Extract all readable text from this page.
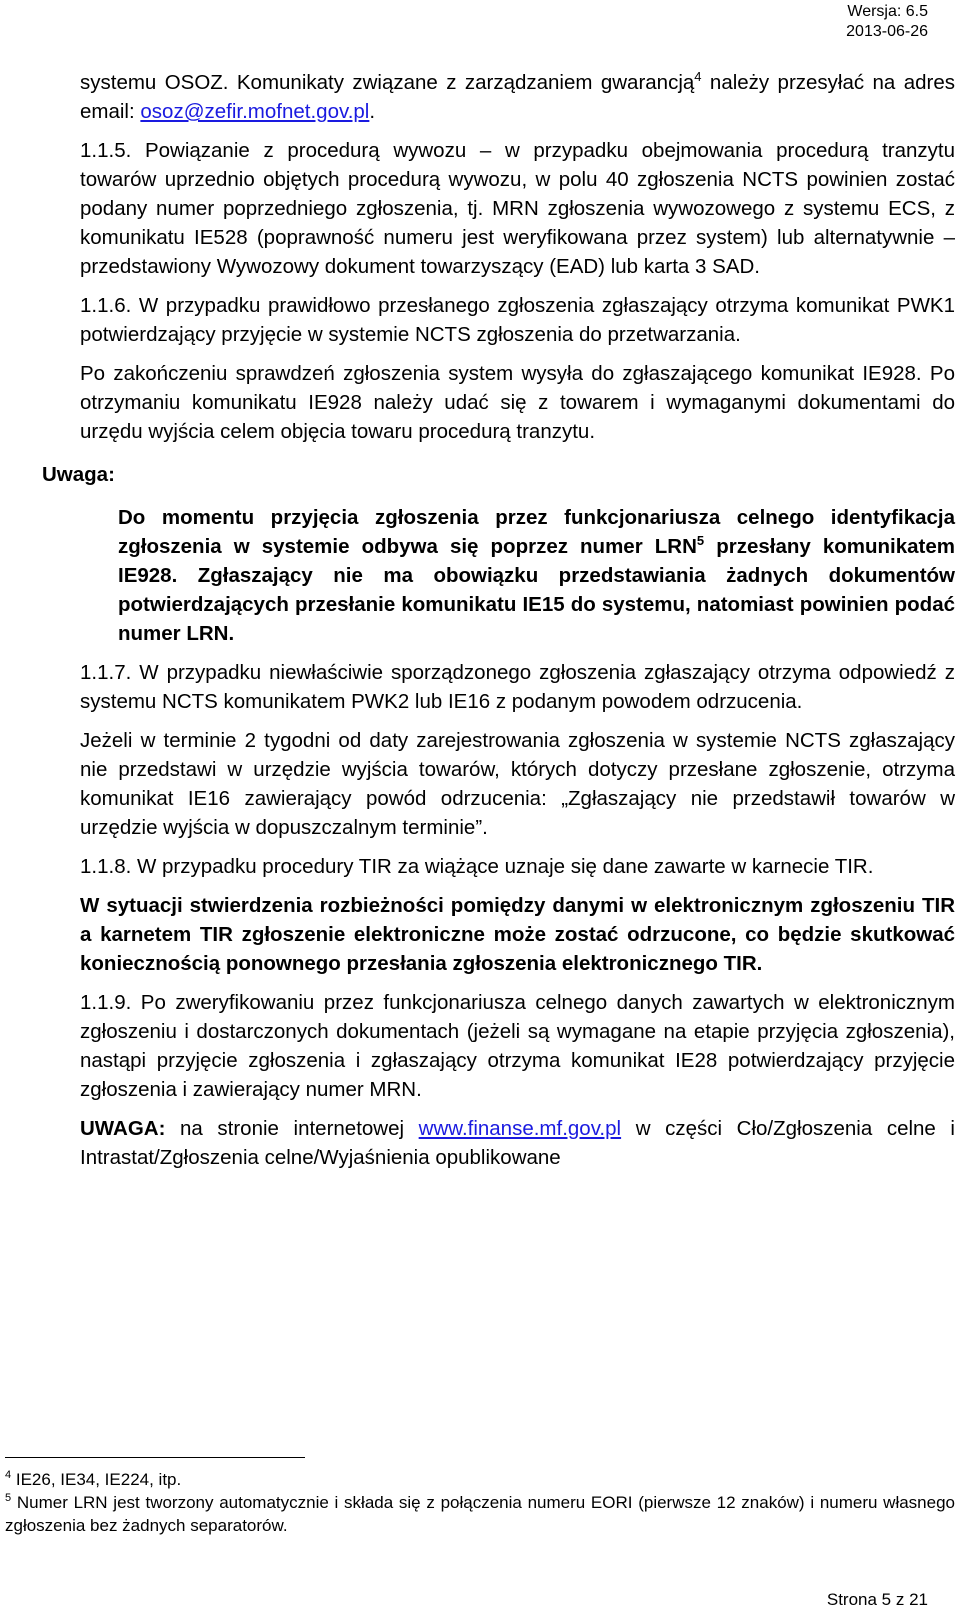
Wersja: 6.5
2013-06-26

systemu OSOZ. Komunikaty związane z zarządzaniem gwarancją$^4$ należy przesyłać na adres email: osoz@zefir.mofnet.gov.pl.

1.1.5. Powiązanie z procedurą wywozu – w przypadku obejmowania procedurą tranzytu towarów uprzednio objętych procedurą wywozu, w polu 40 zgłoszenia NCTS powinien zostać podany numer poprzedniego zgłoszenia, tj. MRN zgłoszenia wywozowego z systemu ECS, z komunikatu IE528 (poprawność numeru jest weryfikowana przez system) lub alternatywnie – przedstawiony Wywozowy dokument towarzyszący (EAD) lub karta 3 SAD.

1.1.6. W przypadku prawidłowo przesłanego zgłoszenia zgłaszający otrzyma komunikat PWK1 potwierdzający przyjęcie w systemie NCTS zgłoszenia do przetwarzania.

Po zakończeniu sprawdzeń zgłoszenia system wysyła do zgłaszającego komunikat IE928. Po otrzymaniu komunikatu IE928 należy udać się z towarem i wymaganymi dokumentami do urzędu wyjścia celem objęcia towaru procedurą tranzytu.

Uwaga:

Do momentu przyjęcia zgłoszenia przez funkcjonariusza celnego identyfikacja zgłoszenia w systemie odbywa się poprzez numer LRN$^5$ przesłany komunikatem IE928. Zgłaszający nie ma obowiązku przedstawiania żadnych dokumentów potwierdzających przesłanie komunikatu IE15 do systemu, natomiast powinien podać numer LRN.

1.1.7. W przypadku niewłaściwie sporządzonego zgłoszenia zgłaszający otrzyma odpowiedź z systemu NCTS komunikatem PWK2 lub IE16 z podanym powodem odrzucenia.

Jeżeli w terminie 2 tygodni od daty zarejestrowania zgłoszenia w systemie NCTS zgłaszający nie przedstawi w urzędzie wyjścia towarów, których dotyczy przesłane zgłoszenie, otrzyma komunikat IE16 zawierający powód odrzucenia: „Zgłaszający nie przedstawił towarów w urzędzie wyjścia w dopuszczalnym terminie”.

1.1.8. W przypadku procedury TIR za wiążące uznaje się dane zawarte w karnecie TIR.

W sytuacji stwierdzenia rozbieżności pomiędzy danymi w elektronicznym zgłoszeniu TIR a karnetem TIR zgłoszenie elektroniczne może zostać odrzucone, co będzie skutkować koniecznością ponownego przesłania zgłoszenia elektronicznego TIR.

1.1.9. Po zweryfikowaniu przez funkcjonariusza celnego danych zawartych w elektronicznym zgłoszeniu i dostarczonych dokumentach (jeżeli są wymagane na etapie przyjęcia zgłoszenia), nastąpi przyjęcie zgłoszenia i zgłaszający otrzyma komunikat IE28 potwierdzający przyjęcie zgłoszenia i zawierający numer MRN.

UWAGA: na stronie internetowej www.finanse.mf.gov.pl w części Cło/Zgłoszenia celne i Intrastat/Zgłoszenia celne/Wyjaśnienia opublikowane

$^4$ IE26, IE34, IE224, itp.

$^5$ Numer LRN jest tworzony automatycznie i składa się z połączenia numeru EORI (pierwsze 12 znaków) i numeru własnego zgłoszenia bez żadnych separatorów.

Strona 5 z 21
